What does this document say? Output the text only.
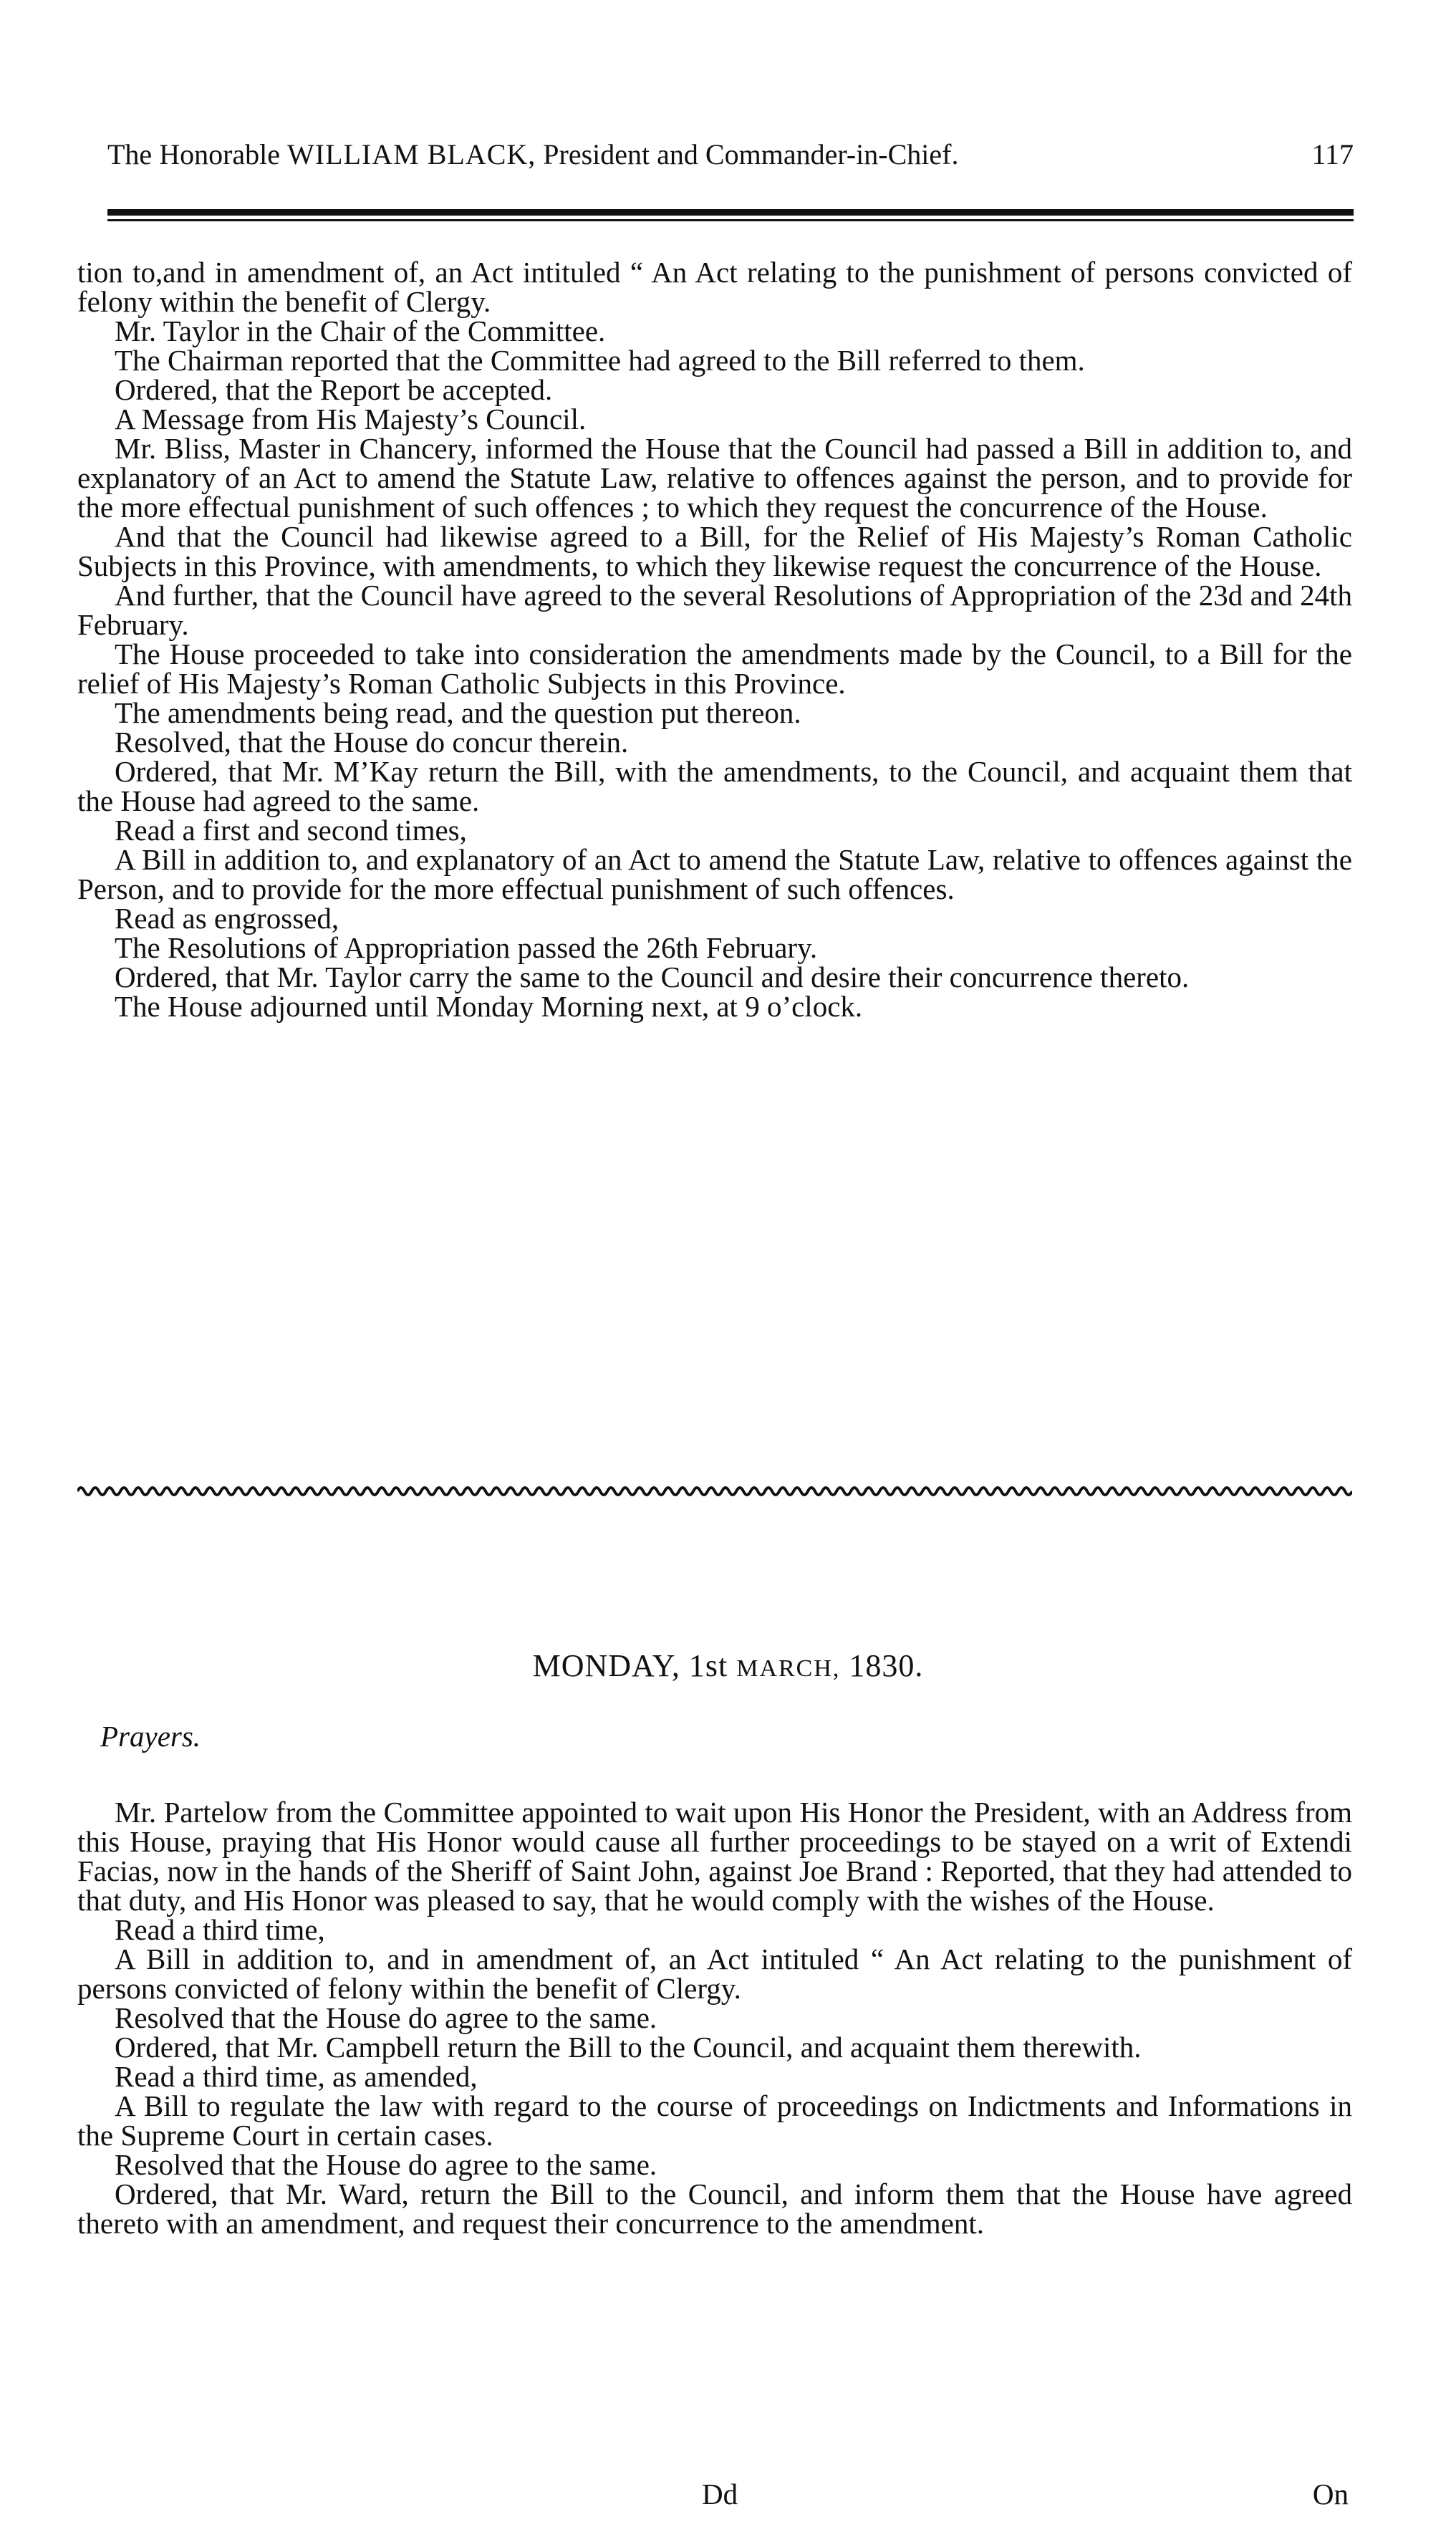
The Honorable WILLIAM BLACK, President and Commander-in-Chief.	117

tion to,and in amendment of, an Act intituled “ An Act relating to the punishment of persons convicted of felony within the benefit of Clergy.

Mr. Taylor in the Chair of the Committee.

The Chairman reported that the Committee had agreed to the Bill referred to them.

Ordered, that the Report be accepted.

A Message from His Majesty’s Council.

Mr. Bliss, Master in Chancery, informed the House that the Council had passed a Bill in addition to, and explanatory of an Act to amend the Statute Law, relative to offences against the person, and to provide for the more effectual punishment of such offences ; to which they request the concurrence of the House.

And that the Council had likewise agreed to a Bill, for the Relief of His Majesty’s Roman Catholic Subjects in this Province, with amendments, to which they likewise request the concurrence of the House.

And further, that the Council have agreed to the several Resolutions of Appropriation of the 23d and 24th February.

The House proceeded to take into consideration the amendments made by the Council, to a Bill for the relief of His Majesty’s Roman Catholic Subjects in this Province.

The amendments being read, and the question put thereon.

Resolved, that the House do concur therein.

Ordered, that Mr. M’Kay return the Bill, with the amendments, to the Council, and acquaint them that the House had agreed to the same.

Read a first and second times,

A Bill in addition to, and explanatory of an Act to amend the Statute Law, relative to offences against the Person, and to provide for the more effectual punishment of such offences.

Read as engrossed,

The Resolutions of Appropriation passed the 26th February.

Ordered, that Mr. Taylor carry the same to the Council and desire their concurrence thereto.

The House adjourned until Monday Morning next, at 9 o’clock.

MONDAY, 1st MARCH, 1830.
Prayers.

Mr. Partelow from the Committee appointed to wait upon His Honor the President, with an Address from this House, praying that His Honor would cause all further proceedings to be stayed on a writ of Extendi Facias, now in the hands of the Sheriff of Saint John, against Joe Brand : Reported, that they had attended to that duty, and His Honor was pleased to say, that he would comply with the wishes of the House.

Read a third time,

A Bill in addition to, and in amendment of, an Act intituled “ An Act relating to the punishment of persons convicted of felony within the benefit of Clergy.

Resolved that the House do agree to the same.

Ordered, that Mr. Campbell return the Bill to the Council, and acquaint them therewith.

Read a third time, as amended,

A Bill to regulate the law with regard to the course of proceedings on Indictments and Informations in the Supreme Court in certain cases.

Resolved that the House do agree to the same.

Ordered, that Mr. Ward, return the Bill to the Council, and inform them that the House have agreed thereto with an amendment, and request their concurrence to the amendment.

Dd	On
